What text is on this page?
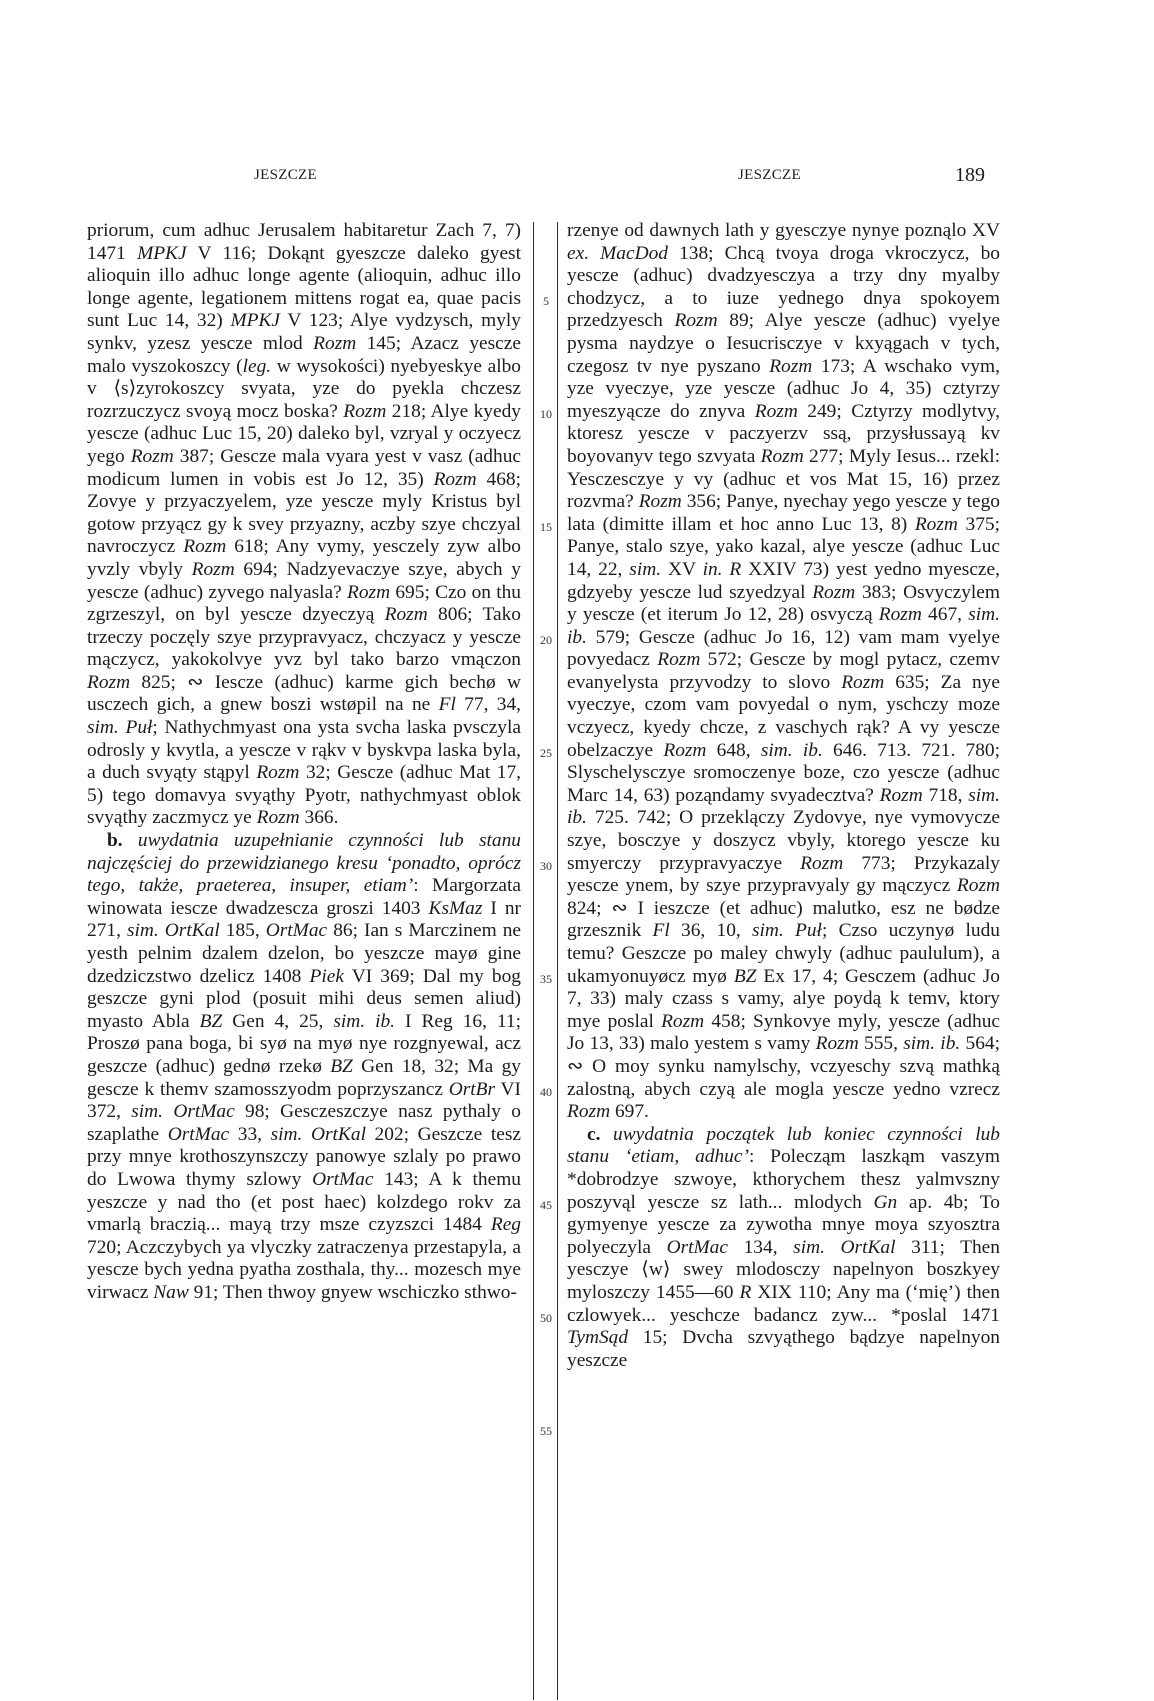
JESZCZE	JESZCZE	189

priorum, cum adhuc Jerusalem habitaretur Zach 7, 7) 1471 MPKJ V 116; Dokąnt gyeszcze daleko gyest alioquin illo adhuc longe agente (alioquin, adhuc illo longe agente, legationem mittens rogat ea, quae pacis sunt Luc 14, 32) MPKJ V 123; Alye vydzysch, myly synkv, yzesz yescze mlod Rozm 145; Azacz yescze malo vyszokoszcy (leg. w wysokości) nyebyeskye albo v ⟨s⟩zyrokoszcy svyata, yze do pyekla chczesz rozrzuczycz svoyą mocz boska? Rozm 218; Alye kyedy yescze (adhuc Luc 15, 20) daleko byl, vzryal y oczyecz yego Rozm 387; Gescze mala vyara yest v vasz (adhuc modicum lumen in vobis est Jo 12, 35) Rozm 468; Zovye y przyaczyelem, yze yescze myly Kristus byl gotow przyącz gy k svey przyazny, aczby szye chczyal navroczycz Rozm 618; Any vymy, yesczely zyw albo yvzly vbyly Rozm 694; Nadzyevaczye szye, abych y yescze (adhuc) zyvego nalyasla? Rozm 695; Czo on thu zgrzeszyl, on byl yescze dzyeczyą Rozm 806; Tako trzeczy poczęly szye przypravyacz, chczyacz y yescze mączycz, yakokolvye yvz byl tako barzo vmączon Rozm 825; ∾ Iescze (adhuc) karme gich bechø w usczech gich, a gnew boszi wstøpil na ne Fl 77, 34, sim. Puł; Nathychmyast ona ysta svcha laska pvsczyla odrosly y kvytla, a yescze v rąkv v byskvpa laska byla, a duch svyąty stąpyl Rozm 32; Gescze (adhuc Mat 17, 5) tego domavya svyąthy Pyotr, nathychmyast oblok svyąthy zaczmycz ye Rozm 366.

b. uwydatnia uzupełnianie czynności lub stanu najczęściej do przewidzianego kresu ‘ponadto, oprócz tego, także, praeterea, insuper, etiam’: Margorzata winowata iescze dwadzescza groszi 1403 KsMaz I nr 271, sim. OrtKal 185, OrtMac 86; Ian s Marczinem ne yesth pelnim dzalem dzelon, bo yeszcze mayø gine dzedziczstwo dzelicz 1408 Piek VI 369; Dal my bog geszcze gyni plod (posuit mihi deus semen aliud) myasto Abla BZ Gen 4, 25, sim. ib. I Reg 16, 11; Proszø pana boga, bi syø na myø nye rozgnyewal, acz geszcze (adhuc) gednø rzekø BZ Gen 18, 32; Ma gy gescze k themv szamosszyodm poprzyszancz OrtBr VI 372, sim. OrtMac 98; Gesczeszczye nasz pythaly o szaplathe OrtMac 33, sim. OrtKal 202; Geszcze tesz przy mnye krothoszynszczy panowye szlaly po prawo do Lwowa thymy szlowy OrtMac 143; A k themu yeszcze y nad tho (et post haec) kolzdego rokv za vmarlą braczią... mayą trzy msze czyzszci 1484 Reg 720; Aczczybych ya vlyczky zatraczenya przestapyla, a yescze bych yedna pyatha zosthala, thy... mozesch mye virwacz Naw 91; Then thwoy gnyew wschiczko sthwo-

5
10
15
20
25
30
35
40
45
50
55

rzenye od dawnych lath y gyesczye nynye poznąlo XV ex. MacDod 138; Chcą tvoya droga vkroczycz, bo yescze (adhuc) dvadzyesczya a trzy dny myalby chodzycz, a to iuze yednego dnya spokoyem przedzyesch Rozm 89; Alye yescze (adhuc) vyelye pysma naydzye o Iesucrisczye v kxyągach v tych, czegosz tv nye pyszano Rozm 173; A wschako vym, yze vyeczye, yze yescze (adhuc Jo 4, 35) cztyrzy myeszyącze do znyva Rozm 249; Cztyrzy modlytvy, ktoresz yescze v paczyerzv ssą, przysłussayą kv boyovanyv tego szvyata Rozm 277; Myly Iesus... rzekl: Yesczesczye y vy (adhuc et vos Mat 15, 16) przez rozvma? Rozm 356; Panye, nyechay yego yescze y tego lata (dimitte illam et hoc anno Luc 13, 8) Rozm 375; Panye, stalo szye, yako kazal, alye yescze (adhuc Luc 14, 22, sim. XV in. R XXIV 73) yest yedno myescze, gdzyeby yescze lud szyedzyal Rozm 383; Osvyczylem y yescze (et iterum Jo 12, 28) osvyczą Rozm 467, sim. ib. 579; Gescze (adhuc Jo 16, 12) vam mam vyelye povyedacz Rozm 572; Gescze by mogl pytacz, czemv evanyelysta przyvodzy to slovo Rozm 635; Za nye vyeczye, czom vam povyedal o nym, yschczy moze vczyecz, kyedy chcze, z vaschych rąk? A vy yescze obelzaczye Rozm 648, sim. ib. 646. 713. 721. 780; Slyschelysczye sromoczenye boze, czo yescze (adhuc Marc 14, 63) poząndamy svyadecztva? Rozm 718, sim. ib. 725. 742; O przeklączy Zydovye, nye vymovycze szye, bosczye y doszycz vbyly, ktorego yescze ku smyerczy przypravyaczye Rozm 773; Przykazaly yescze ynem, by szye przypravyaly gy mączycz Rozm 824; ∾ I ieszcze (et adhuc) malutko, esz ne bødze grzesznik Fl 36, 10, sim. Puł; Czso uczynyø ludu temu? Geszcze po maley chwyly (adhuc paululum), a ukamyonuyøcz myø BZ Ex 17, 4; Gesczem (adhuc Jo 7, 33) maly czass s vamy, alye poydą k temv, ktory mye poslal Rozm 458; Synkovye myly, yescze (adhuc Jo 13, 33) malo yestem s vamy Rozm 555, sim. ib. 564; ∾ O moy synku namylschy, vczyeschy szvą mathką zalostną, abych czyą ale mogla yescze yedno vzrecz Rozm 697.

c. uwydatnia początek lub koniec czynności lub stanu ‘etiam, adhuc’: Polecząm laszkąm vaszym *dobrodzye szwoye, kthorychem thesz yalmvszny poszyvąl yescze sz lath... mlodych Gn ap. 4b; To gymyenye yescze za zywotha mnye moya szyosztra polyeczyla OrtMac 134, sim. OrtKal 311; Then yesczye ⟨w⟩ swey mlodosczy napelnyon boszkyey myloszczy 1455—60 R XIX 110; Any ma (‘mię’) then czlowyek... yeschcze badancz zyw... *poslal 1471 TymSąd 15; Dvcha szvyąthego bądzye napelnyon yeszcze
